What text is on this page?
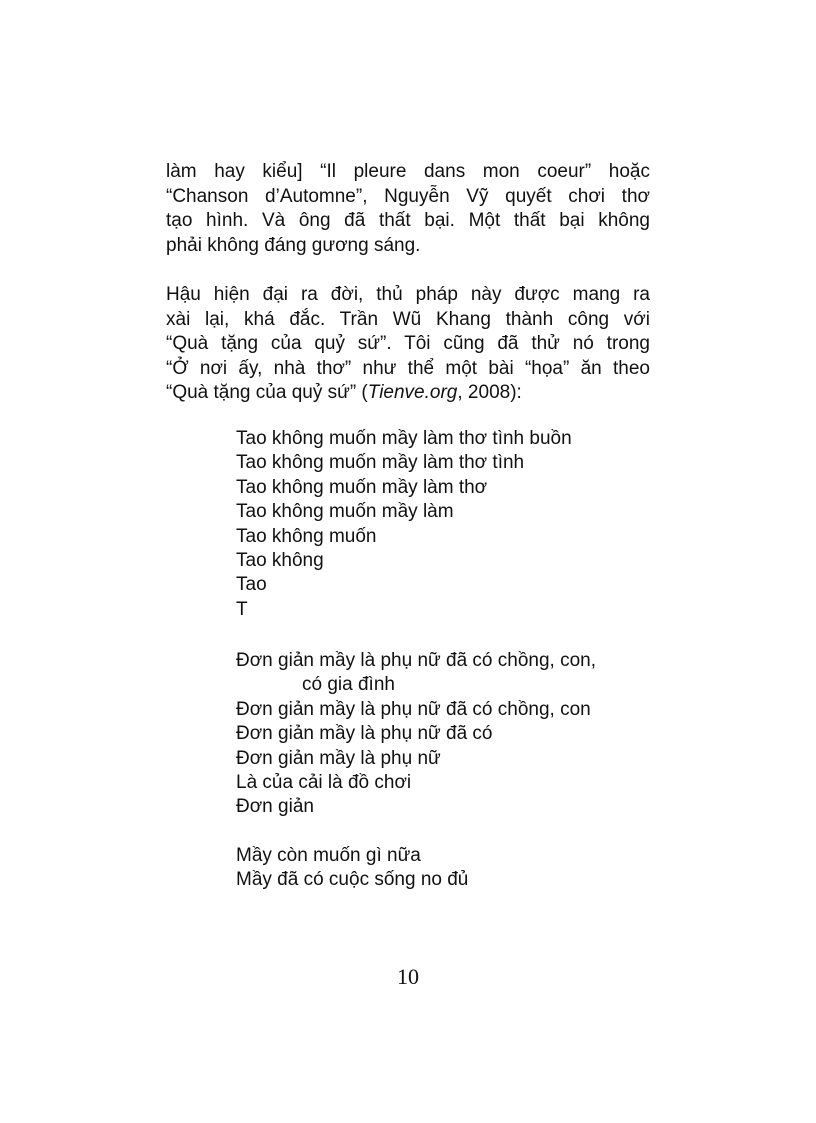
làm hay kiểu] “Il pleure dans mon coeur” hoặc
“Chanson d’Automne”, Nguyễn Vỹ quyết chơi thơ
tạo hình. Và ông đã thất bại. Một thất bại không
phải không đáng gương sáng.
Hậu hiện đại ra đời, thủ pháp này được mang ra
xài lại, khá đắc. Trần Wũ Khang thành công với
“Quà tặng của quỷ sứ”. Tôi cũng đã thử nó trong
“Ở nơi ấy, nhà thơ” như thể một bài “họa” ăn theo
“Quà tặng của quỷ sứ” (Tienve.org, 2008):
Tao không muốn mầy làm thơ tình buồn
Tao không muốn mầy làm thơ tình
Tao không muốn mầy làm thơ
Tao không muốn mầy làm
Tao không muốn
Tao không
Tao
T
Đơn giản mầy là phụ nữ đã có chồng, con,
có gia đình
Đơn giản mầy là phụ nữ đã có chồng, con
Đơn giản mầy là phụ nữ đã có
Đơn giản mầy là phụ nữ
Là của cải là đồ chơi
Đơn giản
Mầy còn muốn gì nữa
Mầy đã có cuộc sống no đủ
10
